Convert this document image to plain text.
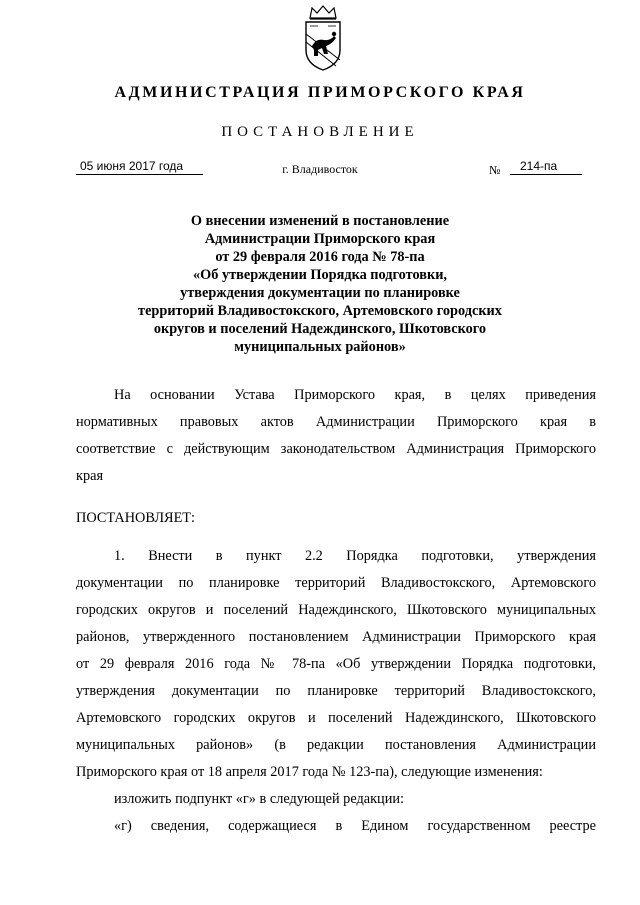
АДМИНИСТРАЦИЯ ПРИМОРСКОГО КРАЯ
ПОСТАНОВЛЕНИЕ
05 июня 2017 года	г. Владивосток	№	214-па
О внесении изменений в постановление
Администрации Приморского края
от 29 февраля 2016 года № 78-па
«Об утверждении Порядка подготовки,
утверждения документации по планировке
территорий Владивостокского, Артемовского городских
округов и поселений Надеждинского, Шкотовского
муниципальных районов»
На основании Устава Приморского края, в целях приведения
нормативных правовых актов Администрации Приморского края в
соответствие с действующим законодательством Администрация Приморского
края
ПОСТАНОВЛЯЕТ:
1. Внести в пункт 2.2 Порядка подготовки, утверждения
документации по планировке территорий Владивостокского, Артемовского
городских округов и поселений Надеждинского, Шкотовского муниципальных
районов, утвержденного постановлением Администрации Приморского края
от 29 февраля 2016 года № 78-па «Об утверждении Порядка подготовки,
утверждения документации по планировке территорий Владивостокского,
Артемовского городских округов и поселений Надеждинского, Шкотовского
муниципальных районов» (в редакции постановления Администрации
Приморского края от 18 апреля 2017 года № 123-па), следующие изменения:
изложить подпункт «г» в следующей редакции:
«г) сведения, содержащиеся в Едином государственном реестре
